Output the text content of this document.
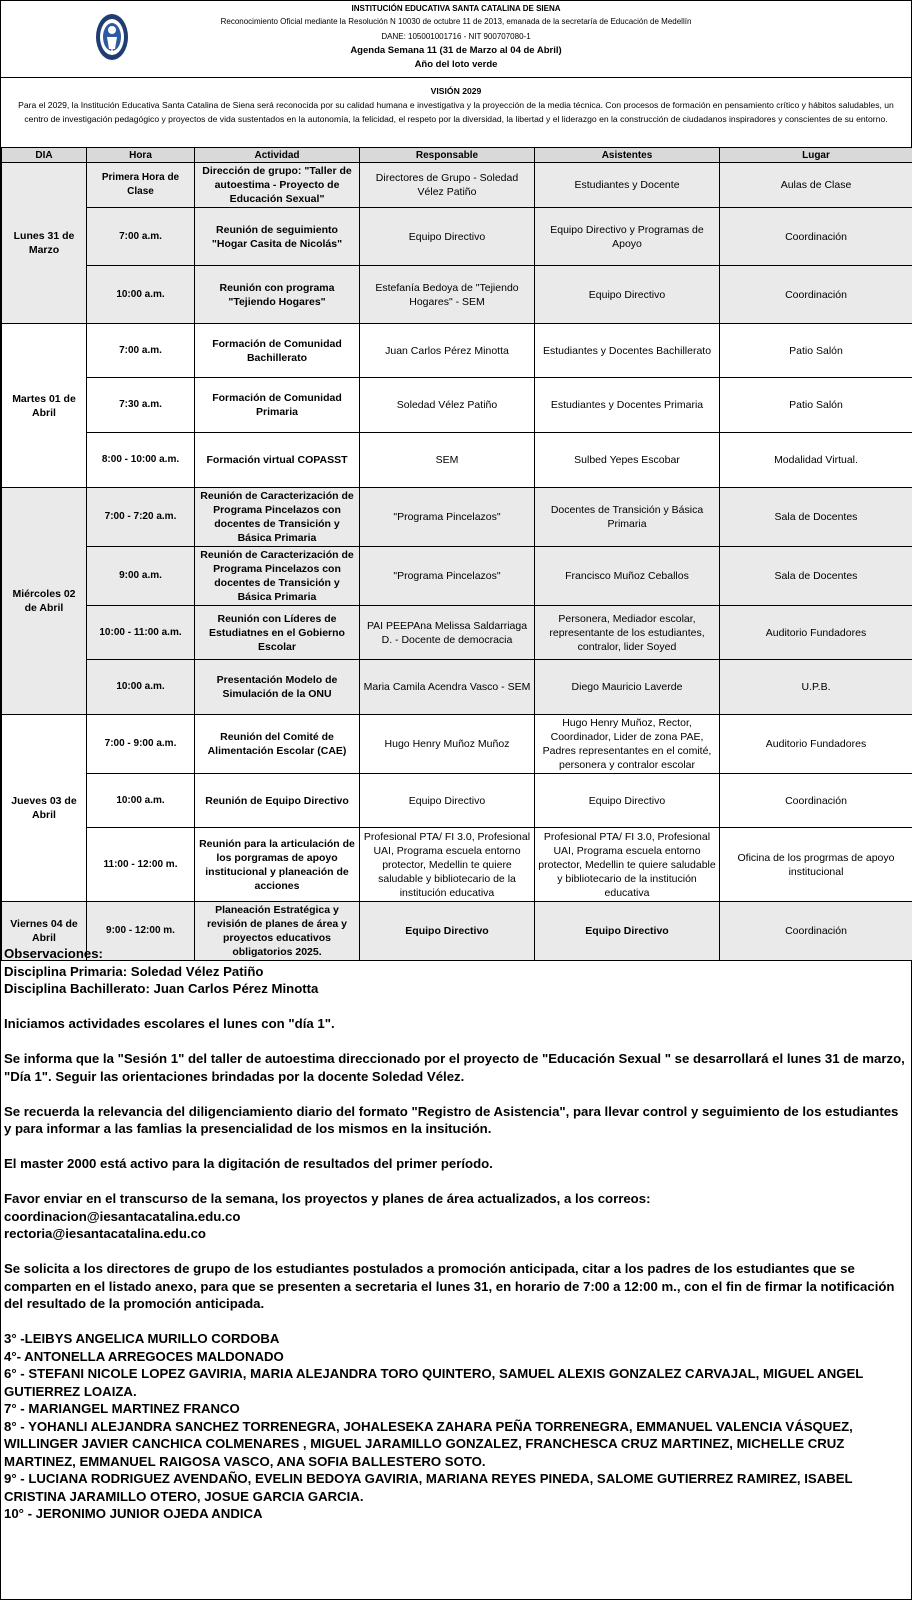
INSTITUCIÓN EDUCATIVA SANTA CATALINA DE SIENA
Reconocimiento Oficial mediante la Resolución N 10030 de octubre 11 de 2013, emanada de la secretaría de Educación de Medellín
DANE: 105001001716 - NIT 900707080-1
Agenda Semana 11 (31 de Marzo al 04 de Abril)
Año del loto verde
VISIÓN 2029
Para el 2029, la Institución Educativa Santa Catalina de Siena será reconocida por su calidad humana e investigativa y la proyección de la media técnica. Con procesos de formación en pensamiento crítico y hábitos saludables, un centro de investigación pedagógico y proyectos de vida sustentados en la autonomía, la felicidad, el respeto por la diversidad, la libertad y el liderazgo en la construcción de ciudadanos inspiradores y conscientes de su entorno.
DIA	Hora	Actividad	Responsable	Asistentes	Lugar
Lunes 31 de Marzo	Primera Hora de Clase	Dirección de grupo: "Taller de autoestima - Proyecto de Educación Sexual"	Directores de Grupo - Soledad Vélez Patiño	Estudiantes y Docente	Aulas de Clase
	7:00 a.m.	Reunión de seguimiento "Hogar Casita de Nicolás"	Equipo Directivo	Equipo Directivo y Programas de Apoyo	Coordinación
	10:00 a.m.	Reunión con programa "Tejiendo Hogares"	Estefanía Bedoya de "Tejiendo Hogares" - SEM	Equipo Directivo	Coordinación
Martes 01 de Abril	7:00 a.m.	Formación de Comunidad Bachillerato	Juan Carlos Pérez Minotta	Estudiantes y Docentes Bachillerato	Patio Salón
	7:30 a.m.	Formación de Comunidad Primaria	Soledad Vélez Patiño	Estudiantes y Docentes Primaria	Patio Salón
	8:00 - 10:00 a.m.	Formación virtual COPASST	SEM	Sulbed Yepes Escobar	Modalidad Virtual.
Miércoles 02 de Abril	7:00 - 7:20 a.m.	Reunión de Caracterización de Programa Pincelazos con docentes de Transición y Básica Primaria	"Programa Pincelazos"	Docentes de Transición y Básica Primaria	Sala de Docentes
	9:00 a.m.	Reunión de Caracterización de Programa Pincelazos con docentes de Transición y Básica Primaria	"Programa Pincelazos"	Francisco Muñoz Ceballos	Sala de Docentes
	10:00 - 11:00 a.m.	Reunión con Líderes de Estudiatnes en el Gobierno Escolar	PAI PEEPAna Melissa Saldarriaga D. - Docente de democracia	Personera, Mediador escolar, representante de los estudiantes, contralor, lider Soyed	Auditorio Fundadores
	10:00 a.m.	Presentación Modelo de Simulación de la ONU	Maria Camila Acendra Vasco - SEM	Diego Mauricio Laverde	U.P.B.
Jueves 03 de Abril	7:00 - 9:00 a.m.	Reunión del Comité de Alimentación Escolar (CAE)	Hugo Henry Muñoz Muñoz	Hugo Henry Muñoz, Rector, Coordinador, Lider de zona PAE, Padres representantes en el comité, personera y contralor escolar	Auditorio Fundadores
	10:00 a.m.	Reunión de Equipo Directivo	Equipo Directivo	Equipo Directivo	Coordinación
	11:00 - 12:00 m.	Reunión para la articulación de los porgramas de apoyo institucional y planeación de acciones	Profesional PTA/ FI 3.0, Profesional UAI, Programa escuela entorno protector, Medellin te quiere saludable y bibliotecario de la institución educativa	Profesional PTA/ FI 3.0, Profesional UAI, Programa escuela entorno protector, Medellin te quiere saludable y bibliotecario de la institución educativa	Oficina de los progrmas de apoyo institucional
Viernes 04 de Abril	9:00 - 12:00 m.	Planeación Estratégica y revisión de planes de área y proyectos educativos obligatorios 2025.	Equipo Directivo	Equipo Directivo	Coordinación

Observaciones:

Disciplina Primaria: Soledad Vélez Patiño

Disciplina Bachillerato: Juan Carlos Pérez Minotta

Iniciamos actividades escolares el lunes con "día 1".

Se informa que la "Sesión 1" del taller de autoestima direccionado por el proyecto de "Educación Sexual " se desarrollará el lunes 31 de marzo, "Día 1". Seguir las orientaciones brindadas por la docente Soledad Vélez.

Se recuerda la relevancia del diligenciamiento diario del formato "Registro de Asistencia", para llevar control y seguimiento de los estudiantes y para informar a las famlias la presencialidad de los mismos en la insitución.

El master 2000 está activo para la digitación de resultados del primer período.

Favor enviar en el transcurso de la semana, los proyectos y planes de área actualizados, a los correos:

coordinacion@iesantacatalina.edu.co

rectoria@iesantacatalina.edu.co

Se solicita a los directores de grupo de los estudiantes postulados a promoción anticipada, citar a los padres de los estudiantes que se comparten en el listado anexo, para que se presenten a secretaria el lunes 31, en horario de 7:00 a 12:00 m., con el fin de firmar la notificación del resultado de la promoción anticipada.

3° -LEIBYS ANGELICA MURILLO CORDOBA

4°- ANTONELLA ARREGOCES MALDONADO

6° - STEFANI NICOLE LOPEZ GAVIRIA, MARIA ALEJANDRA TORO QUINTERO, SAMUEL ALEXIS GONZALEZ CARVAJAL, MIGUEL ANGEL GUTIERREZ LOAIZA.

7° - MARIANGEL MARTINEZ FRANCO

8° - YOHANLI ALEJANDRA SANCHEZ TORRENEGRA, JOHALESEKA ZAHARA PEÑA TORRENEGRA, EMMANUEL VALENCIA VÁSQUEZ, WILLINGER JAVIER CANCHICA COLMENARES , MIGUEL JARAMILLO GONZALEZ, FRANCHESCA CRUZ MARTINEZ, MICHELLE CRUZ MARTINEZ, EMMANUEL RAIGOSA VASCO, ANA SOFIA BALLESTERO SOTO.

9° - LUCIANA RODRIGUEZ AVENDAÑO, EVELIN BEDOYA GAVIRIA, MARIANA REYES PINEDA, SALOME GUTIERREZ RAMIREZ, ISABEL CRISTINA JARAMILLO OTERO, JOSUE GARCIA GARCIA.

10° - JERONIMO JUNIOR OJEDA ANDICA
